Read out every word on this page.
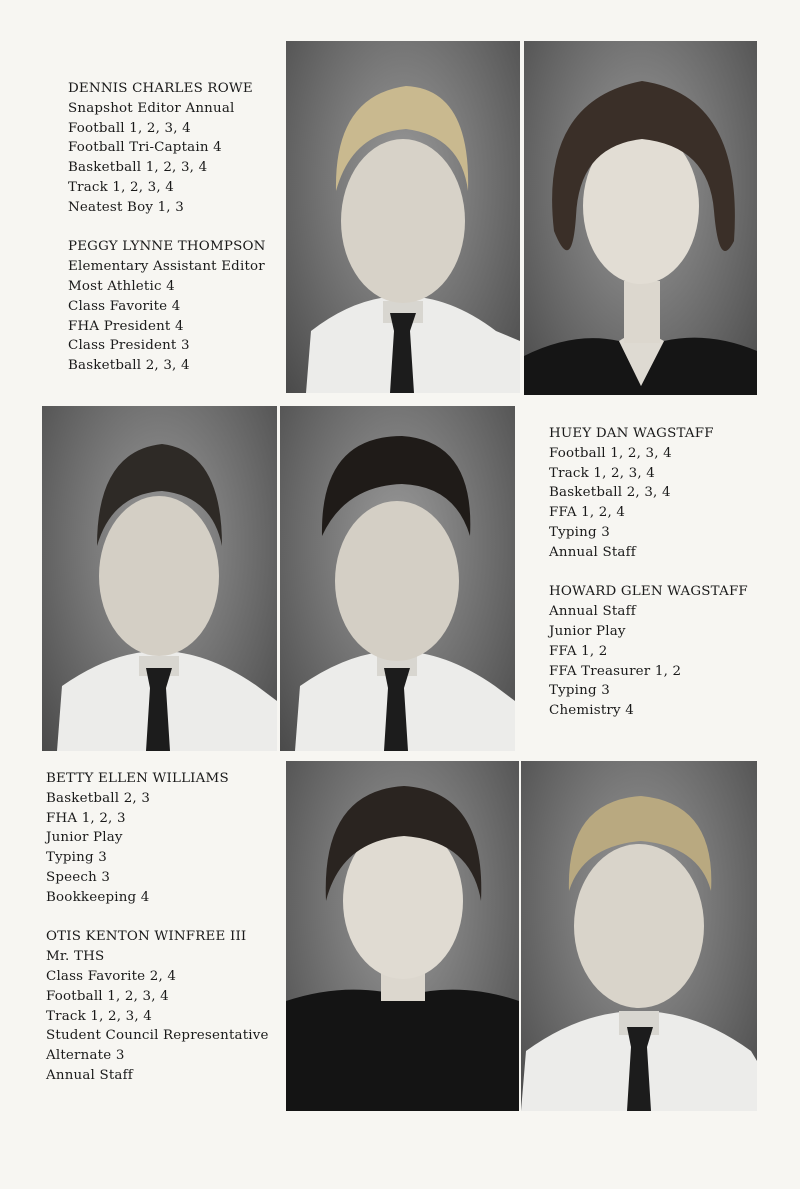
DENNIS CHARLES ROWE
Snapshot Editor Annual
Football 1, 2, 3, 4
Football Tri-Captain 4
Basketball 1, 2, 3, 4
Track 1, 2, 3, 4
Neatest Boy 1, 3
PEGGY LYNNE THOMPSON
Elementary Assistant Editor
Most Athletic 4
Class Favorite 4
FHA President 4
Class President 3
Basketball 2, 3, 4
HUEY DAN WAGSTAFF
Football 1, 2, 3, 4
Track 1, 2, 3, 4
Basketball 2, 3, 4
FFA 1, 2, 4
Typing 3
Annual Staff
HOWARD GLEN WAGSTAFF
Annual Staff
Junior Play
FFA 1, 2
FFA Treasurer 1, 2
Typing 3
Chemistry 4
BETTY ELLEN WILLIAMS
Basketball 2, 3
FHA 1, 2, 3
Junior Play
Typing 3
Speech 3
Bookkeeping 4
OTIS KENTON WINFREE III
Mr. THS
Class Favorite 2, 4
Football 1, 2, 3, 4
Track 1, 2, 3, 4
Student Council Representative
Alternate 3
Annual Staff
